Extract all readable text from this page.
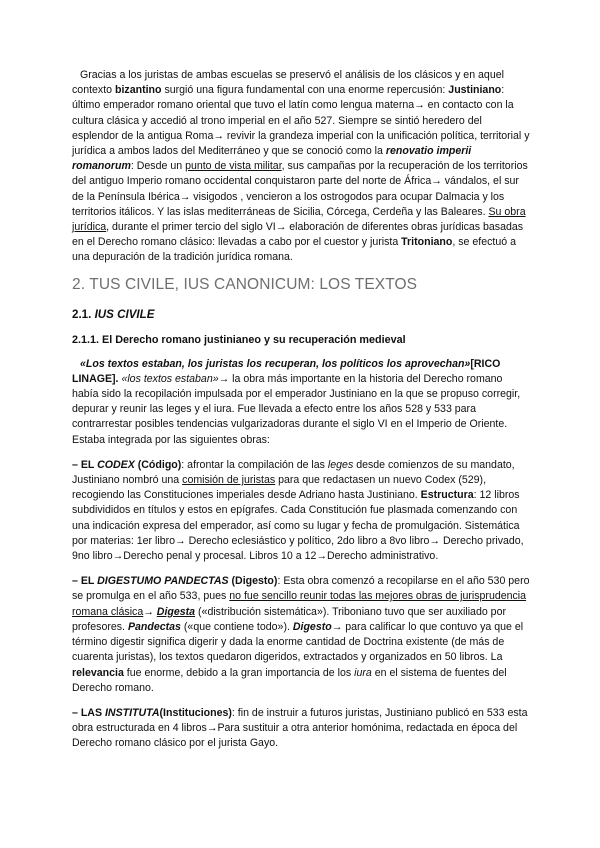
Gracias a los juristas de ambas escuelas se preservó el análisis de los clásicos y en aquel contexto bizantino surgió una figura fundamental con una enorme repercusión: Justiniano: último emperador romano oriental que tuvo el latín como lengua materna→ en contacto con la cultura clásica y accedió al trono imperial en el año 527. Siempre se sintió heredero del esplendor de la antigua Roma→ revivir la grandeza imperial con la unificación política, territorial y jurídica a ambos lados del Mediterráneo y que se conoció como la renovatio imperii romanorum: Desde un punto de vista militar, sus campañas por la recuperación de los territorios del antiguo Imperio romano occidental conquistaron parte del norte de África→ vándalos, el sur de la Península Ibérica→ visigodos , vencieron a los ostrogodos para ocupar Dalmacia y los territorios itálicos. Y las islas mediterráneas de Sicilia, Córcega, Cerdeña y las Baleares. Su obra jurídica, durante el primer tercio del siglo VI→ elaboración de diferentes obras jurídicas basadas en el Derecho romano clásico: llevadas a cabo por el cuestor y jurista Tritoniano, se efectuó a una depuración de la tradición jurídica romana.

2. TUS CIVILE, IUS CANONICUM: LOS TEXTOS

2.1. IUS CIVILE

2.1.1. El Derecho romano justinianeo y su recuperación medieval

«Los textos estaban, los juristas los recuperan, los políticos los aprovechan»[RICO LINAGE]. «los textos estaban»→ la obra más importante en la historia del Derecho romano había sido la recopilación impulsada por el emperador Justiniano en la que se propuso corregir, depurar y reunir las leges y el iura. Fue llevada a efecto entre los años 528 y 533 para contrarrestar posibles tendencias vulgarizadoras durante el siglo VI en el Imperio de Oriente. Estaba integrada por las siguientes obras:

– EL CODEX (Código): afrontar la compilación de las leges desde comienzos de su mandato, Justiniano nombró una comisión de juristas para que redactasen un nuevo Codex (529), recogiendo las Constituciones imperiales desde Adriano hasta Justiniano. Estructura: 12 libros subdivididos en títulos y estos en epígrafes. Cada Constitución fue plasmada comenzando con una indicación expresa del emperador, así como su lugar y fecha de promulgación. Sistemática por materias: 1er libro→ Derecho eclesiástico y político, 2do libro a 8vo libro→ Derecho privado, 9no libro→Derecho penal y procesal. Libros 10 a 12→Derecho administrativo.

– EL DIGESTUMO PANDECTAS (Digesto): Esta obra comenzó a recopilarse en el año 530 pero se promulga en el año 533, pues no fue sencillo reunir todas las mejores obras de jurisprudencia romana clásica→ Digesta («distribución sistemática»). Triboniano tuvo que ser auxiliado por profesores. Pandectas («que contiene todo»). Digesto→ para calificar lo que contuvo ya que el término digestir significa digerir y dada la enorme cantidad de Doctrina existente (de más de cuarenta juristas), los textos quedaron digeridos, extractados y organizados en 50 libros. La relevancia fue enorme, debido a la gran importancia de los iura en el sistema de fuentes del Derecho romano.

– LAS INSTITUTA(Instituciones): fin de instruir a futuros juristas, Justiniano publicó en 533 esta obra estructurada en 4 libros→Para sustituir a otra anterior homónima, redactada en época del Derecho romano clásico por el jurista Gayo.
